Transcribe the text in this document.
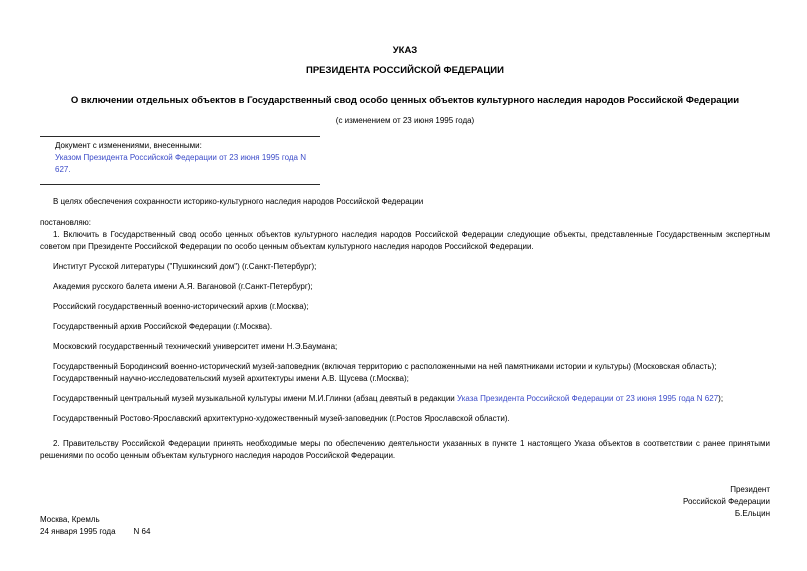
УКАЗ
ПРЕЗИДЕНТА РОССИЙСКОЙ ФЕДЕРАЦИИ
О включении отдельных объектов в Государственный свод особо ценных объектов культурного наследия народов Российской Федерации
(с изменением от 23 июня 1995 года)
Документ с изменениями, внесенными:
Указом Президента Российской Федерации от 23 июня 1995 года N 627.

В целях обеспечения сохранности историко-культурного наследия народов Российской Федерации

постановляю:

1. Включить в Государственный свод особо ценных объектов культурного наследия народов Российской Федерации следующие объекты, представленные Государственным экспертным советом при Президенте Российской Федерации по особо ценным объектам культурного наследия народов Российской Федерации.

Институт Русской литературы ("Пушкинский дом") (г.Санкт-Петербург);

Академия русского балета имени А.Я. Вагановой (г.Санкт-Петербург);

Российский государственный военно-исторический архив (г.Москва);

Государственный архив Российской Федерации (г.Москва).

Московский государственный технический университет имени Н.Э.Баумана;

Государственный Бородинский военно-исторический музей-заповедник (включая территорию с расположенными на ней памятниками истории и культуры) (Московская область);

Государственный научно-исследовательский музей архитектуры имени А.В. Щусева (г.Москва);

Государственный центральный музей музыкальной культуры имени М.И.Глинки (абзац девятый в редакции Указа Президента Российской Федерации от 23 июня 1995 года N 627);

Государственный Ростово-Ярославский архитектурно-художественный музей-заповедник (г.Ростов Ярославской области).

2. Правительству Российской Федерации принять необходимые меры по обеспечению деятельности указанных в пункте 1 настоящего Указа объектов в соответствии с ранее принятыми решениями по особо ценным объектам культурного наследия народов Российской Федерации.

Президент
Российской Федерации
Б.Ельцин
Москва, Кремль
24 января 1995 года N 64
